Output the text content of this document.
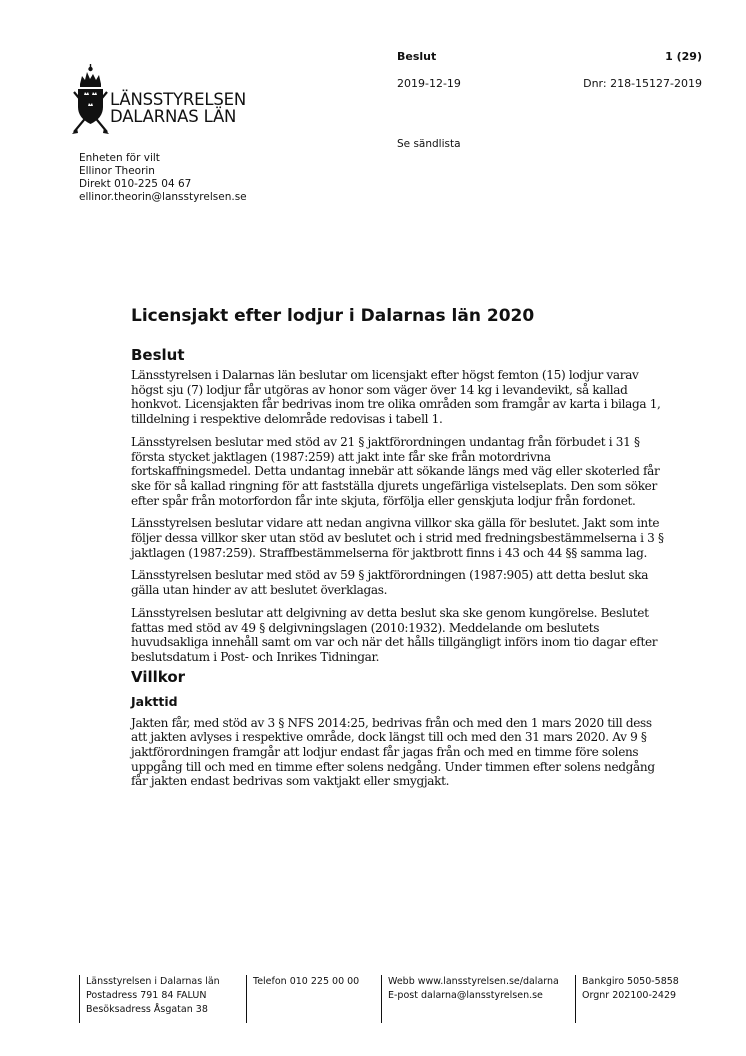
LÄNSSTYRELSEN
DALARNAS LÄN
Beslut	1 (29)
2019-12-19	Dnr: 218-15127-2019
Se sändlista
Enheten för vilt
Ellinor Theorin
Direkt 010-225 04 67
ellinor.theorin@lansstyrelsen.se
Licensjakt efter lodjur i Dalarnas län 2020
Beslut

Länsstyrelsen i Dalarnas län beslutar om licensjakt efter högst femton (15) lodjur varav högst sju (7) lodjur får utgöras av honor som väger över 14 kg i levandevikt, så kallad honkvot. Licensjakten får bedrivas inom tre olika områden som framgår av karta i bilaga 1, tilldelning i respektive delområde redovisas i tabell 1.

Länsstyrelsen beslutar med stöd av 21 § jaktförordningen undantag från förbudet i 31 § första stycket jaktlagen (1987:259) att jakt inte får ske från motordrivna fortskaffningsmedel. Detta undantag innebär att sökande längs med väg eller skoterled får ske för så kallad ringning för att fastställa djurets ungefärliga vistelseplats. Den som söker efter spår från motorfordon får inte skjuta, förfölja eller genskjuta lodjur från fordonet.

Länsstyrelsen beslutar vidare att nedan angivna villkor ska gälla för beslutet. Jakt som inte följer dessa villkor sker utan stöd av beslutet och i strid med fredningsbestämmelserna i 3 § jaktlagen (1987:259). Straffbestämmelserna för jaktbrott finns i 43 och 44 §§ samma lag.

Länsstyrelsen beslutar med stöd av 59 § jaktförordningen (1987:905) att detta beslut ska gälla utan hinder av att beslutet överklagas.

Länsstyrelsen beslutar att delgivning av detta beslut ska ske genom kungörelse. Beslutet fattas med stöd av 49 § delgivningslagen (2010:1932). Meddelande om beslutets huvudsakliga innehåll samt om var och när det hålls tillgängligt införs inom tio dagar efter beslutsdatum i Post- och Inrikes Tidningar.

Villkor
Jakttid

Jakten får, med stöd av 3 § NFS 2014:25, bedrivas från och med den 1 mars 2020 till dess att jakten avlyses i respektive område, dock längst till och med den 31 mars 2020. Av 9 § jaktförordningen framgår att lodjur endast får jagas från och med en timme före solens uppgång till och med en timme efter solens nedgång. Under timmen efter solens nedgång får jakten endast bedrivas som vaktjakt eller smygjakt.

Länsstyrelsen i Dalarnas län
Postadress 791 84 FALUN
Besöksadress Åsgatan 38
Telefon 010 225 00 00	Webb www.lansstyrelsen.se/dalarna
E-post dalarna@lansstyrelsen.se
Bankgiro 5050-5858
Orgnr 202100-2429
